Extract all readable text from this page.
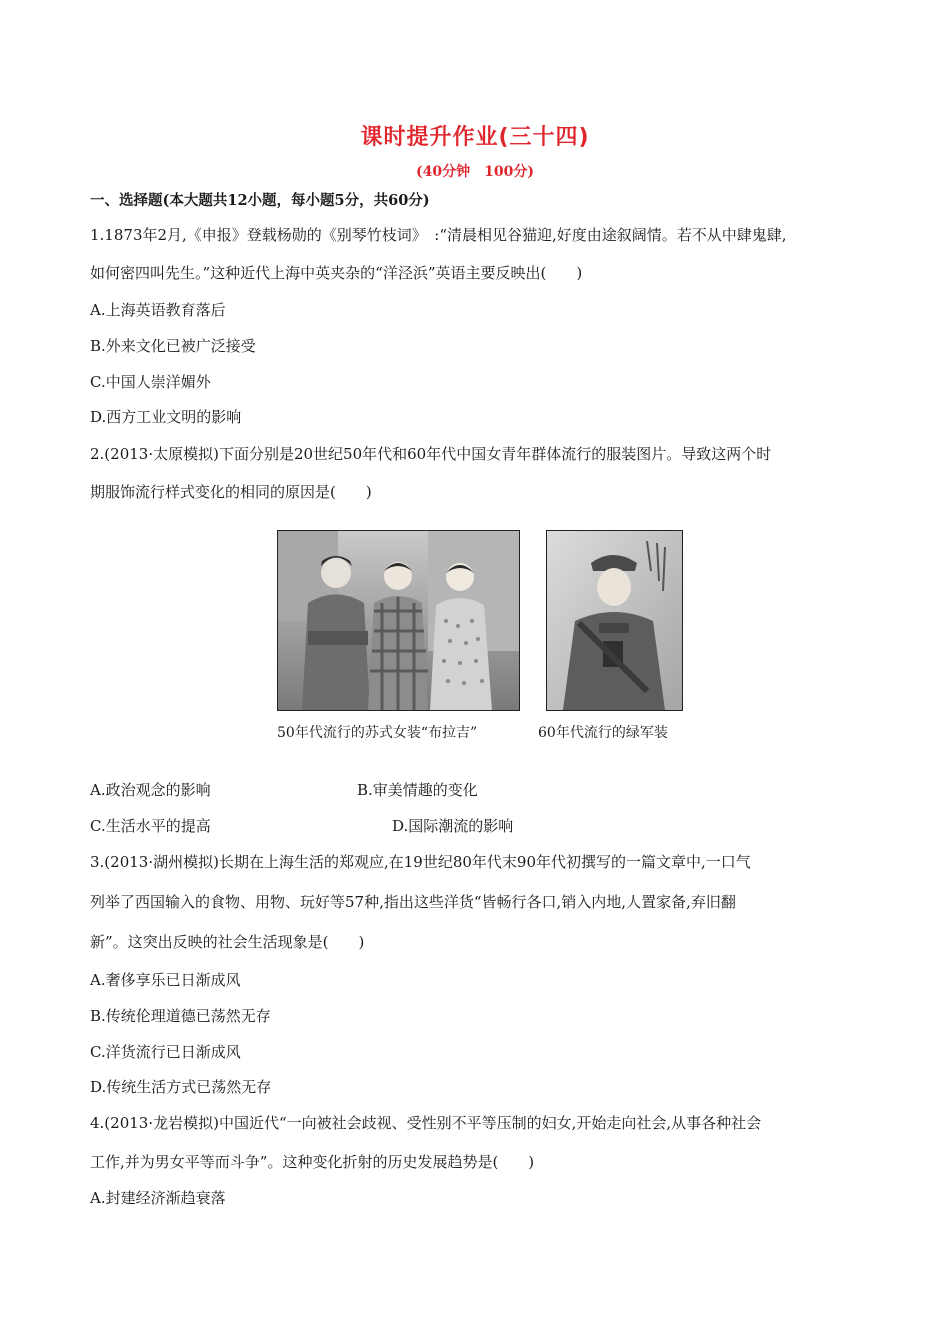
课时提升作业(三十四)
(40分钟　100分)
一、选择题(本大题共12小题，每小题5分，共60分)
1.1873年2月,《申报》登载杨勋的《别琴竹枝词》　:“清晨相见谷猫迎,好度由途叙阔情。若不从中肆鬼肆,
如何密四叫先生。”这种近代上海中英夹杂的“洋泾浜”英语主要反映出(　　)
A.上海英语教育落后
B.外来文化已被广泛接受
C.中国人崇洋媚外
D.西方工业文明的影响
2.(2013·太原模拟)下面分别是20世纪50年代和60年代中国女青年群体流行的服装图片。导致这两个时
期服饰流行样式变化的相同的原因是(　　)
50年代流行的苏式女装“布拉吉”	60年代流行的绿军装
A.政治观念的影响	B.审美情趣的变化
C.生活水平的提高	D.国际潮流的影响
3.(2013·湖州模拟)长期在上海生活的郑观应,在19世纪80年代末90年代初撰写的一篇文章中,一口气
列举了西国输入的食物、用物、玩好等57种,指出这些洋货“皆畅行各口,销入内地,人置家备,弃旧翻
新”。这突出反映的社会生活现象是(　　)
A.奢侈享乐已日渐成风
B.传统伦理道德已荡然无存
C.洋货流行已日渐成风
D.传统生活方式已荡然无存
4.(2013·龙岩模拟)中国近代“一向被社会歧视、受性别不平等压制的妇女,开始走向社会,从事各种社会
工作,并为男女平等而斗争”。这种变化折射的历史发展趋势是(　　)
A.封建经济渐趋衰落
